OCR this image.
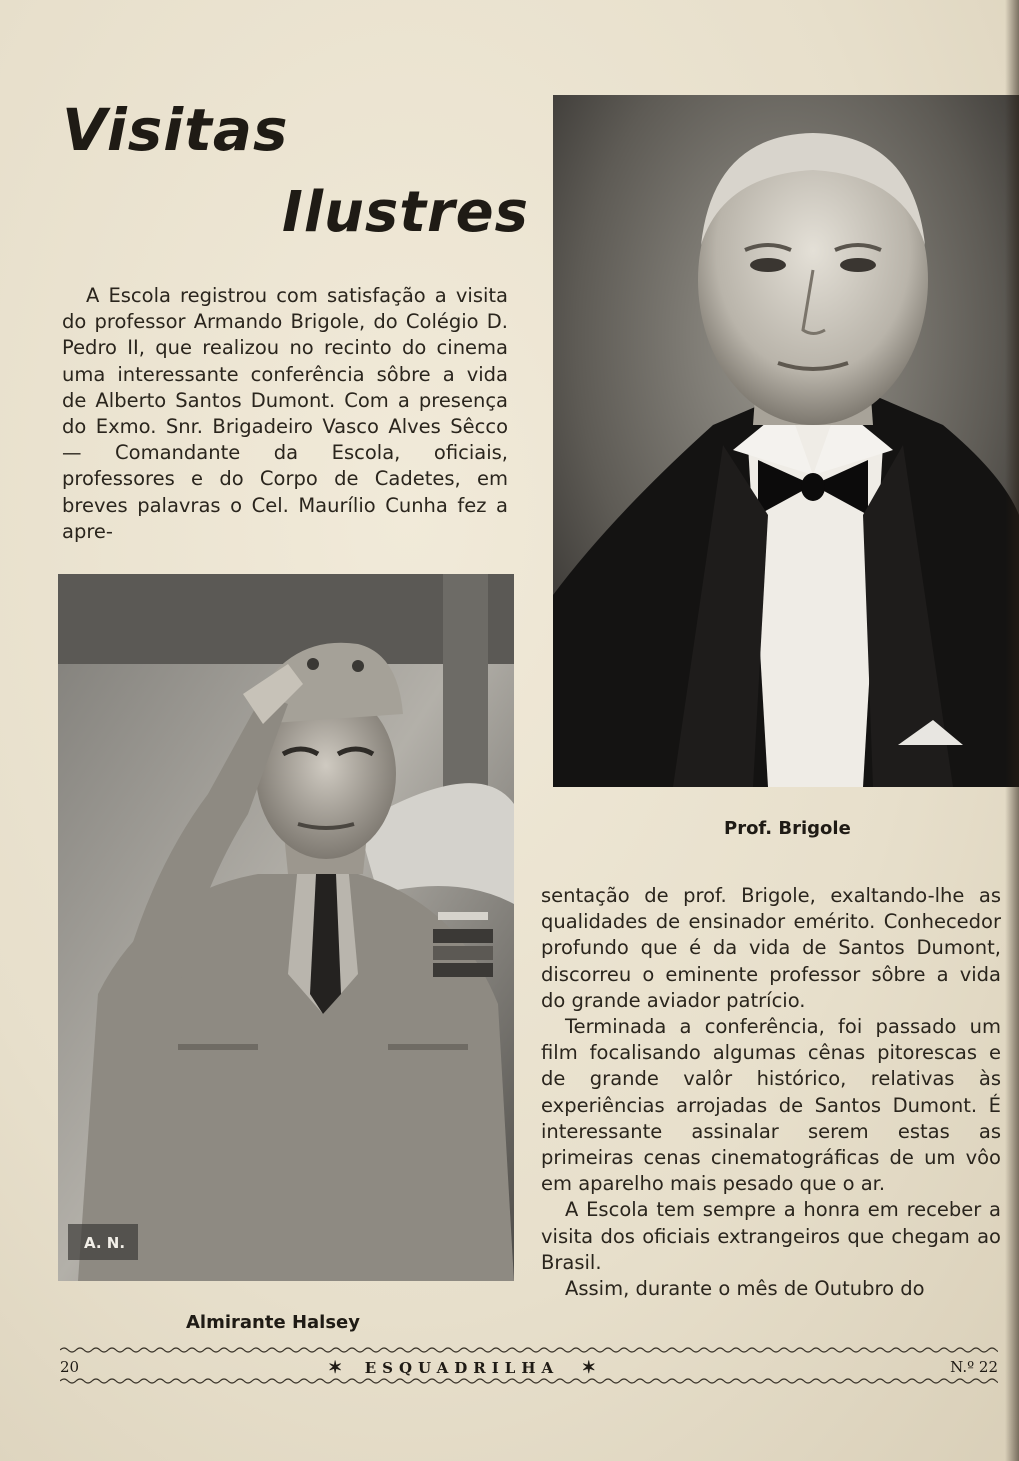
Visitas
Ilustres

A Escola registrou com satisfação a visita do professor Armando Brigole, do Colégio D. Pedro II, que realizou no recinto do cinema uma interessante conferência sôbre a vida de Alberto Santos Dumont. Com a presença do Exmo. Snr. Brigadeiro Vasco Alves Sêcco — Comandante da Escola, oficiais, professores e do Corpo de Cadetes, em breves palavras o Cel. Maurílio Cunha fez a apre-

Prof. Brigole

A. N.

Almirante Halsey

sentação de prof. Brigole, exaltando-lhe as qualidades de ensinador emérito. Conhecedor profundo que é da vida de Santos Dumont, discorreu o eminente professor sôbre a vida do grande aviador patrício.

Terminada a conferência, foi passado um film focalisando algumas cênas pitorescas e de grande valôr histórico, relativas às experiências arrojadas de Santos Dumont. É interessante assinalar serem estas as primeiras cenas cinematográficas de um vôo em aparelho mais pesado que o ar.

A Escola tem sempre a honra em receber a visita dos oficiais extrangeiros que chegam ao Brasil.

Assim, durante o mês de Outubro do

20	✶ ESQUADRILHA ✶	N.º 22
